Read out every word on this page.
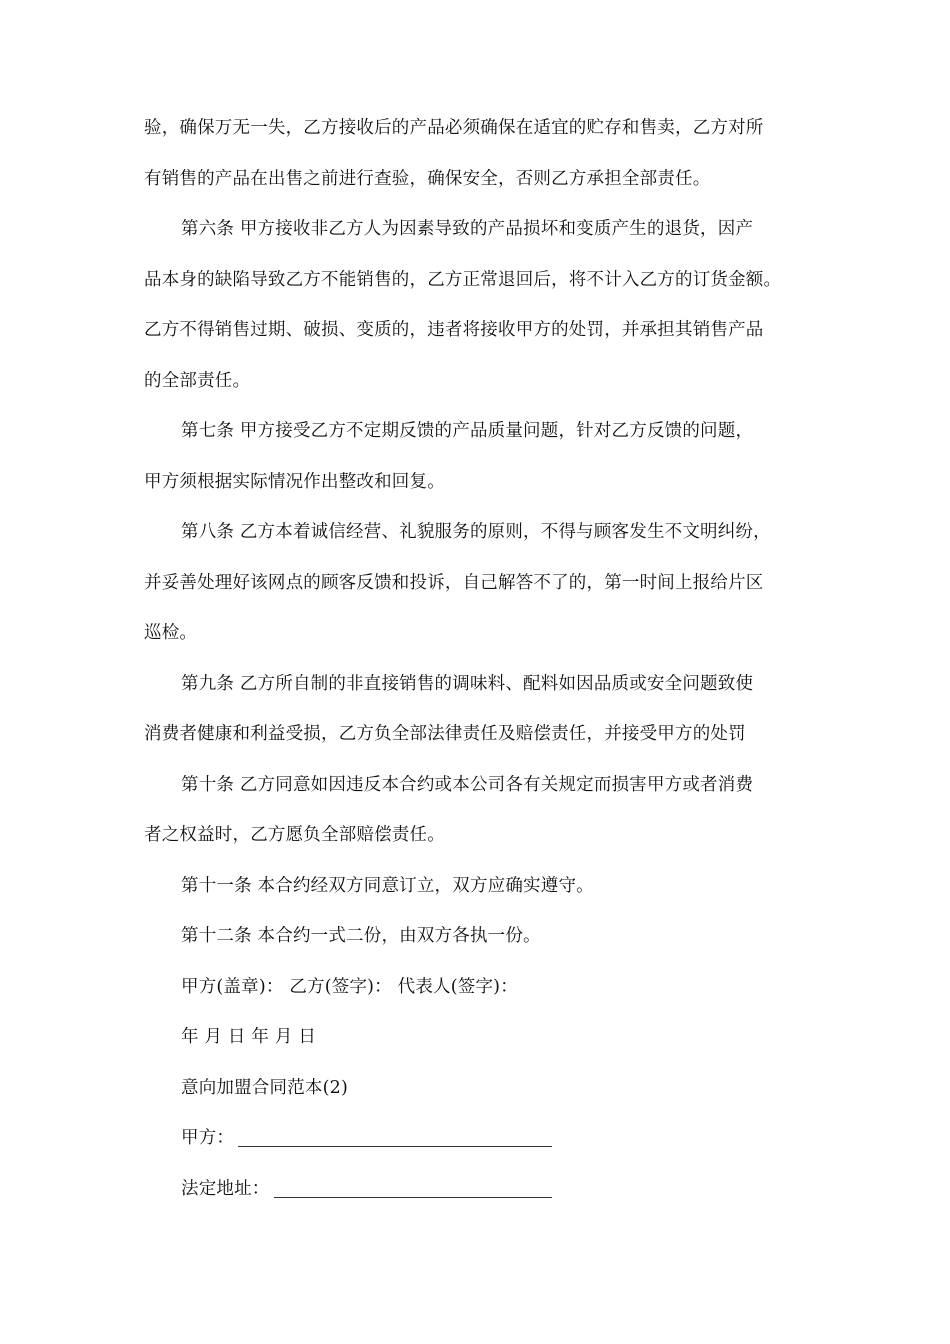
验，确保万无一失，乙方接收后的产品必须确保在适宜的贮存和售卖，乙方对所
有销售的产品在出售之前进行查验，确保安全，否则乙方承担全部责任。

第六条 甲方接收非乙方人为因素导致的产品损坏和变质产生的退货，因产
品本身的缺陷导致乙方不能销售的，乙方正常退回后，将不计入乙方的订货金额。
乙方不得销售过期、破损、变质的，违者将接收甲方的处罚，并承担其销售产品
的全部责任。

第七条 甲方接受乙方不定期反馈的产品质量问题，针对乙方反馈的问题，
甲方须根据实际情况作出整改和回复。

第八条 乙方本着诚信经营、礼貌服务的原则，不得与顾客发生不文明纠纷，
并妥善处理好该网点的顾客反馈和投诉，自己解答不了的，第一时间上报给片区
巡检。

第九条 乙方所自制的非直接销售的调味料、配料如因品质或安全问题致使
消费者健康和利益受损，乙方负全部法律责任及赔偿责任，并接受甲方的处罚

第十条 乙方同意如因违反本合约或本公司各有关规定而损害甲方或者消费
者之权益时，乙方愿负全部赔偿责任。

第十一条 本合约经双方同意订立，双方应确实遵守。

第十二条 本合约一式二份，由双方各执一份。

甲方(盖章)： 乙方(签字)： 代表人(签字)：

年 月 日 年 月 日

意向加盟合同范本(2)

甲方：

法定地址：
